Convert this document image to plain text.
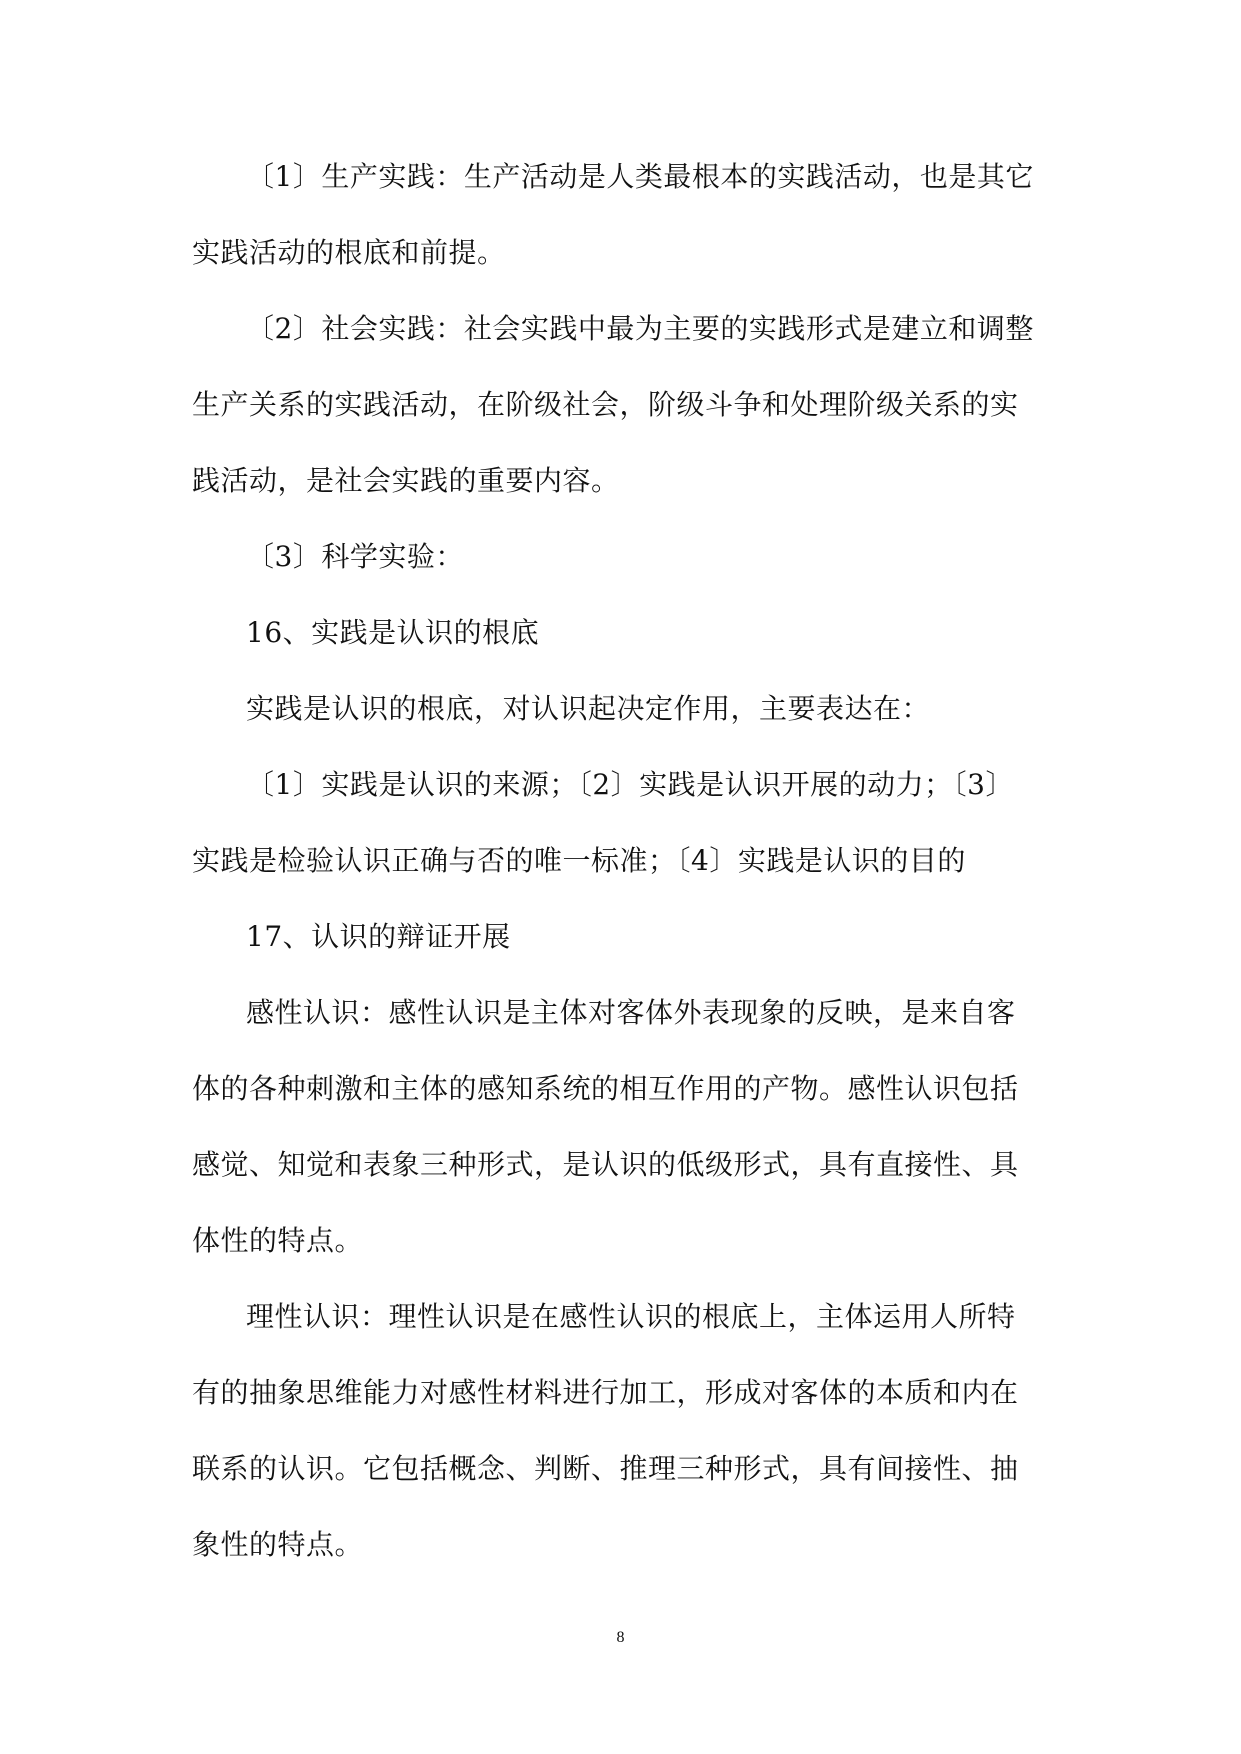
〔1〕生产实践：生产活动是人类最根本的实践活动，也是其它
实践活动的根底和前提。
〔2〕社会实践：社会实践中最为主要的实践形式是建立和调整
生产关系的实践活动，在阶级社会，阶级斗争和处理阶级关系的实
践活动，是社会实践的重要内容。
〔3〕科学实验：
16、实践是认识的根底
实践是认识的根底，对认识起决定作用，主要表达在：
〔1〕实践是认识的来源；〔2〕实践是认识开展的动力；〔3〕
实践是检验认识正确与否的唯一标准；〔4〕实践是认识的目的
17、认识的辩证开展
感性认识：感性认识是主体对客体外表现象的反映，是来自客
体的各种刺激和主体的感知系统的相互作用的产物。感性认识包括
感觉、知觉和表象三种形式，是认识的低级形式，具有直接性、具
体性的特点。
理性认识：理性认识是在感性认识的根底上，主体运用人所特
有的抽象思维能力对感性材料进行加工，形成对客体的本质和内在
联系的认识。它包括概念、判断、推理三种形式，具有间接性、抽
象性的特点。
8
